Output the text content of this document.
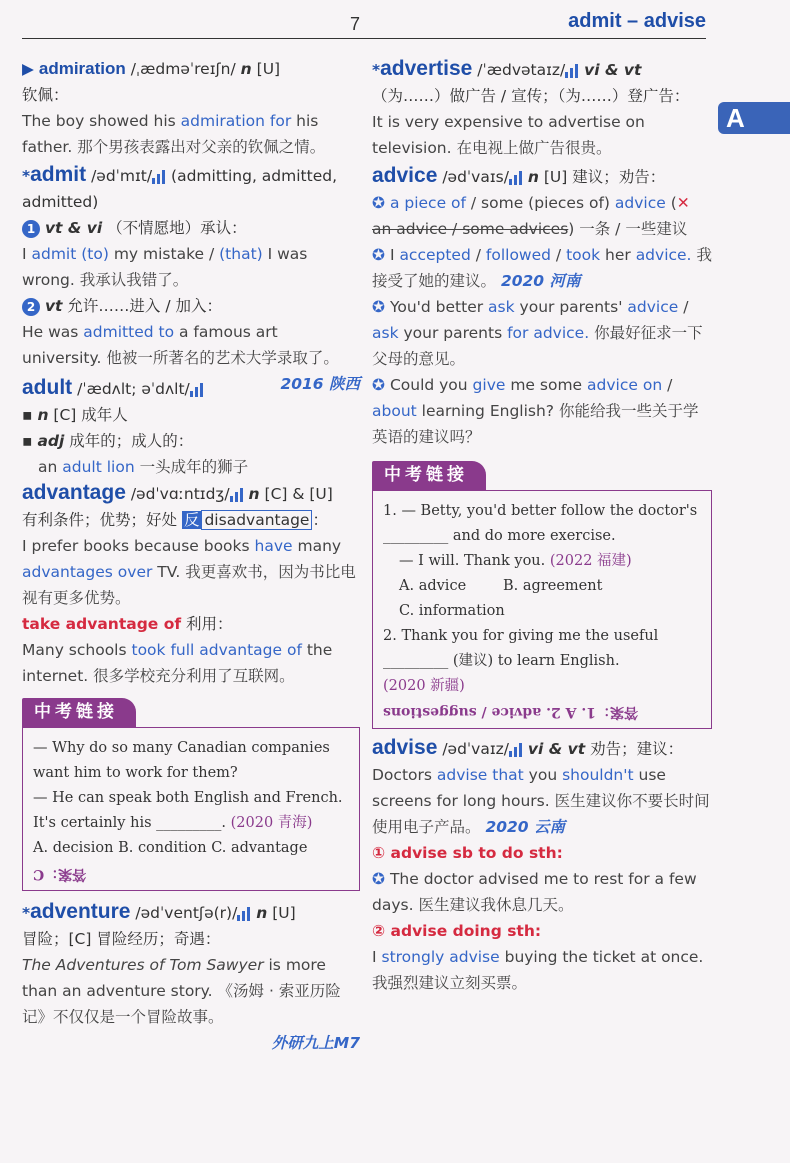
7	admit – advise
A

▶ admiration /ˌædməˈreɪʃn/ n [U]

钦佩：

The boy showed his admiration for his father. 那个男孩表露出对父亲的钦佩之情。

*admit /ədˈmɪt/ (admitting, admitted, admitted)

1 vt & vi （不情愿地）承认：

I admit (to) my mistake / (that) I was wrong. 我承认我错了。

2 vt 允许……进入 / 加入：

He was admitted to a famous art university. 他被一所著名的艺术大学录取了。
2016 陕西

adult /ˈædʌlt; əˈdʌlt/

▪ n [C] 成年人

▪ adj 成年的；成人的：

an adult lion 一头成年的狮子

advantage /ədˈvɑːntɪdʒ/ n [C] & [U]

有利条件；优势；好处 反 disadvantage ：

I prefer books because books have many advantages over TV. 我更喜欢书，因为书比电视有更多优势。

take advantage of 利用：

Many schools took full advantage of the internet. 很多学校充分利用了互联网。

中考链接

— Why do so many Canadian companies want him to work for them?

— He can speak both English and French. It's certainly his _________. (2020 青海)

A. decision B. condition C. advantage

答案：C

*adventure /ədˈventʃə(r)/ n [U]

冒险；[C] 冒险经历；奇遇：

The Adventures of Tom Sawyer is more than an adventure story. 《汤姆 · 索亚历险记》不仅仅是一个冒险故事。

外研九上M7

*advertise /ˈædvətaɪz/ vi & vt

（为……）做广告 / 宣传；（为……）登广告：

It is very expensive to advertise on television. 在电视上做广告很贵。

advice /ədˈvaɪs/ n [U] 建议；劝告：

✪ a piece of / some (pieces of) advice (✕ an advice / some advices) 一条 / 一些建议

✪ I accepted / followed / took her advice. 我接受了她的建议。 2020 河南

✪ You'd better ask your parents' advice / ask your parents for advice. 你最好征求一下父母的意见。

✪ Could you give me some advice on / about learning English? 你能给我一些关于学英语的建议吗？

中考链接

1. — Betty, you'd better follow the doctor's _________ and do more exercise.

— I will. Thank you. (2022 福建)

A. advice	B. agreement

C. information

2. Thank you for giving me the useful _________ (建议) to learn English.

(2020 新疆)

答案：1. A 2. advice / suggestions

advise /ədˈvaɪz/ vi & vt 劝告；建议：

Doctors advise that you shouldn't use screens for long hours. 医生建议你不要长时间使用电子产品。 2020 云南

① advise sb to do sth:

✪ The doctor advised me to rest for a few days. 医生建议我休息几天。

② advise doing sth:

I strongly advise buying the ticket at once. 我强烈建议立刻买票。
